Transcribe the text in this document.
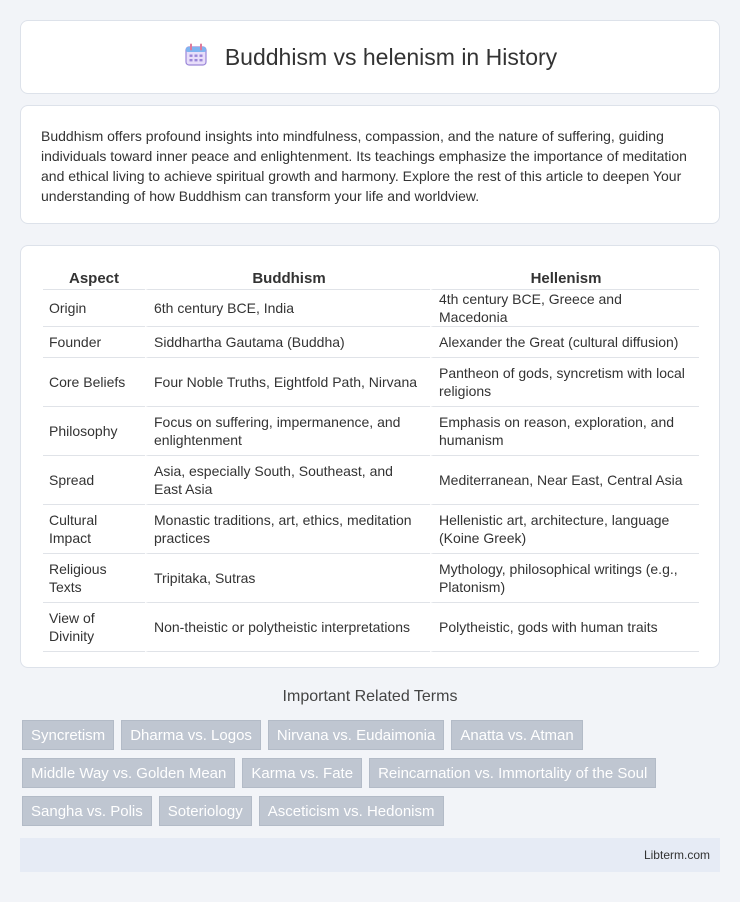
Buddhism vs helenism in History

Buddhism offers profound insights into mindfulness, compassion, and the nature of suffering, guiding individuals toward inner peace and enlightenment. Its teachings emphasize the importance of meditation and ethical living to achieve spiritual growth and harmony. Explore the rest of this article to deepen Your understanding of how Buddhism can transform your life and worldview.

Aspect	Buddhism	Hellenism
Origin	6th century BCE, India	4th century BCE, Greece and Macedonia
Founder	Siddhartha Gautama (Buddha)	Alexander the Great (cultural diffusion)
Core Beliefs	Four Noble Truths, Eightfold Path, Nirvana	Pantheon of gods, syncretism with local religions
Philosophy	Focus on suffering, impermanence, and enlightenment	Emphasis on reason, exploration, and humanism
Spread	Asia, especially South, Southeast, and East Asia	Mediterranean, Near East, Central Asia
Cultural Impact	Monastic traditions, art, ethics, meditation practices	Hellenistic art, architecture, language (Koine Greek)
Religious Texts	Tripitaka, Sutras	Mythology, philosophical writings (e.g., Platonism)
View of Divinity	Non-theistic or polytheistic interpretations	Polytheistic, gods with human traits
Important Related Terms
Syncretism	Dharma vs. Logos	Nirvana vs. Eudaimonia	Anatta vs. Atman
Middle Way vs. Golden Mean	Karma vs. Fate	Reincarnation vs. Immortality of the Soul
Sangha vs. Polis	Soteriology	Asceticism vs. Hedonism
Libterm.com
